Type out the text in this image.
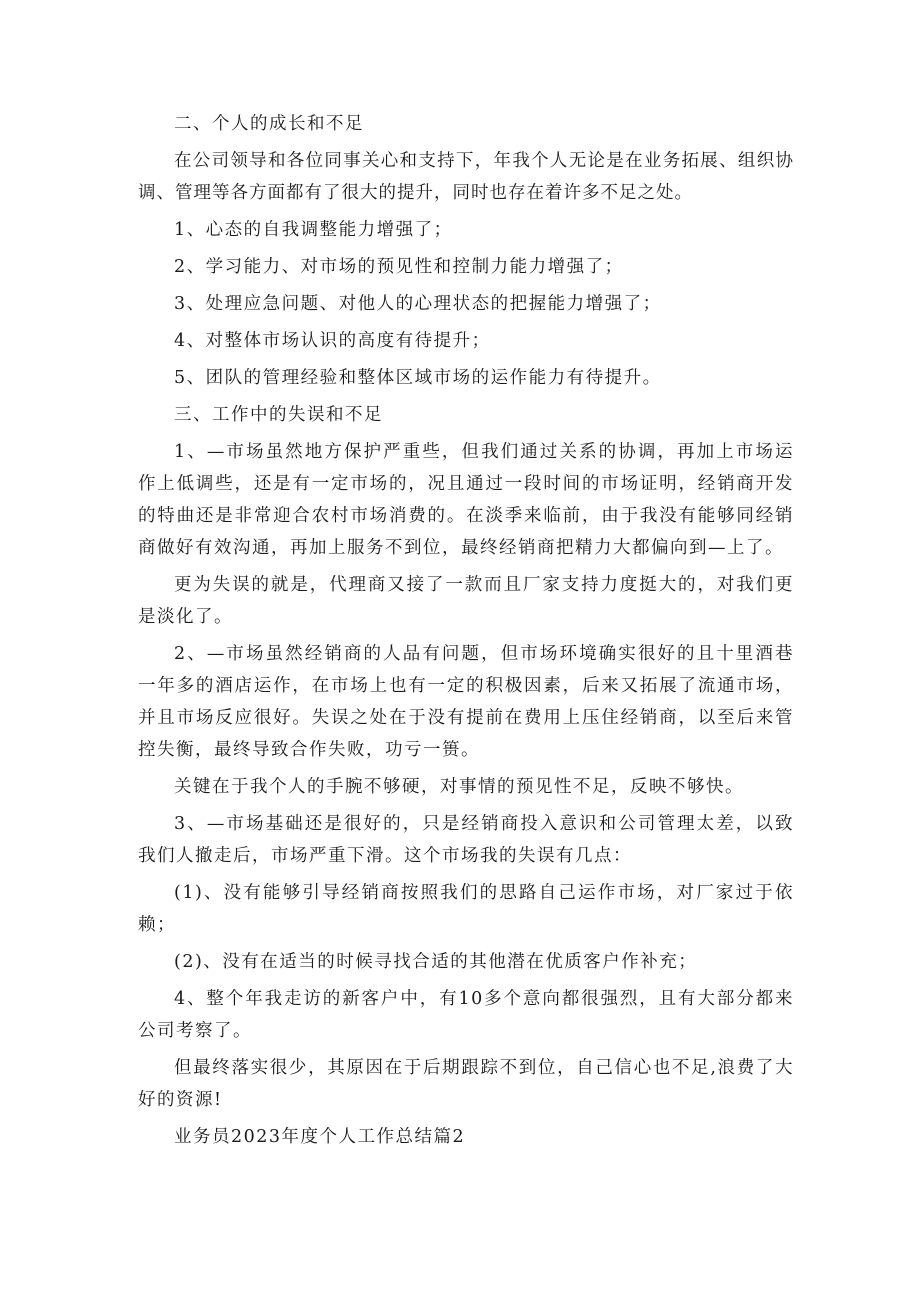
二、个人的成长和不足

在公司领导和各位同事关心和支持下，年我个人无论是在业务拓展、组织协调、管理等各方面都有了很大的提升，同时也存在着许多不足之处。

1、心态的自我调整能力增强了；

2、学习能力、对市场的预见性和控制力能力增强了；

3、处理应急问题、对他人的心理状态的把握能力增强了；

4、对整体市场认识的高度有待提升；

5、团队的管理经验和整体区域市场的运作能力有待提升。

三、工作中的失误和不足

1、—市场虽然地方保护严重些，但我们通过关系的协调，再加上市场运作上低调些，还是有一定市场的，况且通过一段时间的市场证明，经销商开发的特曲还是非常迎合农村市场消费的。在淡季来临前，由于我没有能够同经销商做好有效沟通，再加上服务不到位，最终经销商把精力大都偏向到—上了。

更为失误的就是，代理商又接了一款而且厂家支持力度挺大的，对我们更是淡化了。

2、—市场虽然经销商的人品有问题，但市场环境确实很好的且十里酒巷一年多的酒店运作，在市场上也有一定的积极因素，后来又拓展了流通市场，并且市场反应很好。失误之处在于没有提前在费用上压住经销商，以至后来管控失衡，最终导致合作失败，功亏一篑。

关键在于我个人的手腕不够硬，对事情的预见性不足，反映不够快。

3、—市场基础还是很好的，只是经销商投入意识和公司管理太差，以致我们人撤走后，市场严重下滑。这个市场我的失误有几点：

(1)、没有能够引导经销商按照我们的思路自己运作市场，对厂家过于依赖；

(2)、没有在适当的时候寻找合适的其他潜在优质客户作补充；

4、整个年我走访的新客户中，有10多个意向都很强烈，且有大部分都来公司考察了。

但最终落实很少，其原因在于后期跟踪不到位，自己信心也不足,浪费了大好的资源!

业务员2023年度个人工作总结篇2
